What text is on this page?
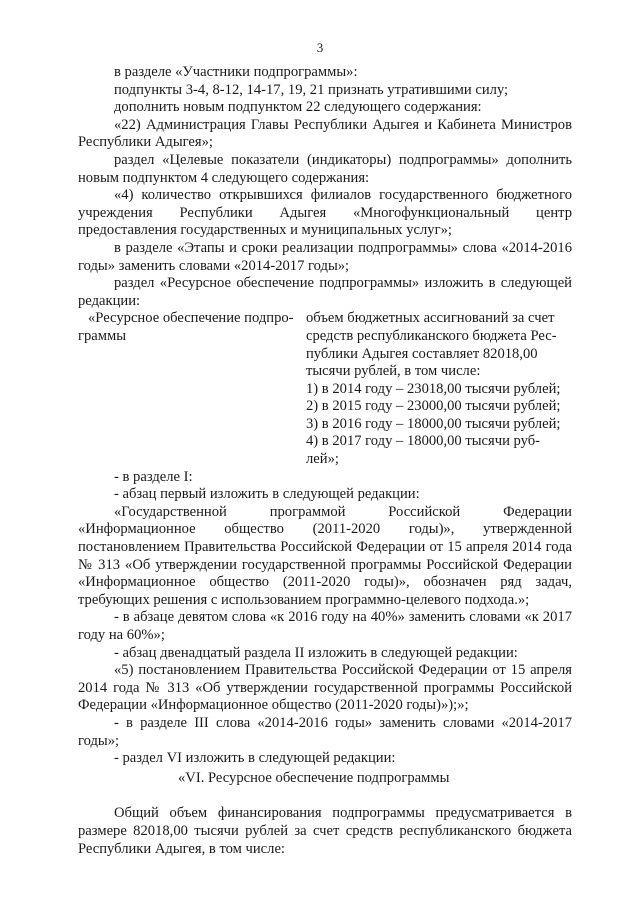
3

в разделе «Участники подпрограммы»:

подпункты 3-4, 8-12, 14-17, 19, 21 признать утратившими силу;

дополнить новым подпунктом 22 следующего содержания:

«22) Администрация Главы Республики Адыгея и Кабинета Министров Республики Адыгея»;

раздел «Целевые показатели (индикаторы) подпрограммы» дополнить новым подпунктом 4 следующего содержания:

«4) количество открывшихся филиалов государственного бюджетного учреждения Республики Адыгея «Многофункциональный центр предоставления государственных и муниципальных услуг»;

в разделе «Этапы и сроки реализации подпрограммы» слова «2014-2016 годы» заменить словами «2014-2017 годы»;

раздел «Ресурсное обеспечение подпрограммы» изложить в следующей редакции:

«Ресурсное обеспечение подпро-
граммы
объем бюджетных ассигнований за счет
средств республиканского бюджета Рес-
публики Адыгея составляет 82018,00
тысячи рублей, в том числе:
1) в 2014 году – 23018,00 тысячи рублей;
2) в 2015 году – 23000,00 тысячи рублей;
3) в 2016 году – 18000,00 тысячи рублей;
4) в 2017 году – 18000,00 тысячи руб-
лей»;

- в разделе I:

- абзац первый изложить в следующей редакции:

«Государственной программой Российской Федерации «Информационное общество (2011-2020 годы)», утвержденной постановлением Правительства Российской Федерации от 15 апреля 2014 года № 313 «Об утверждении государственной программы Российской Федерации «Информационное общество (2011-2020 годы)», обозначен ряд задач, требующих решения с использованием программно-целевого подхода.»;

- в абзаце девятом слова «к 2016 году на 40%» заменить словами «к 2017 году на 60%»;

- абзац двенадцатый раздела II изложить в следующей редакции:

«5) постановлением Правительства Российской Федерации от 15 апреля 2014 года № 313 «Об утверждении государственной программы Российской Федерации «Информационное общество (2011-2020 годы)»);»;

- в разделе III слова «2014-2016 годы» заменить словами «2014-2017 годы»;

- раздел VI изложить в следующей редакции:

«VI. Ресурсное обеспечение подпрограммы

Общий объем финансирования подпрограммы предусматривается в размере 82018,00 тысячи рублей за счет средств республиканского бюджета Республики Адыгея, в том числе:
